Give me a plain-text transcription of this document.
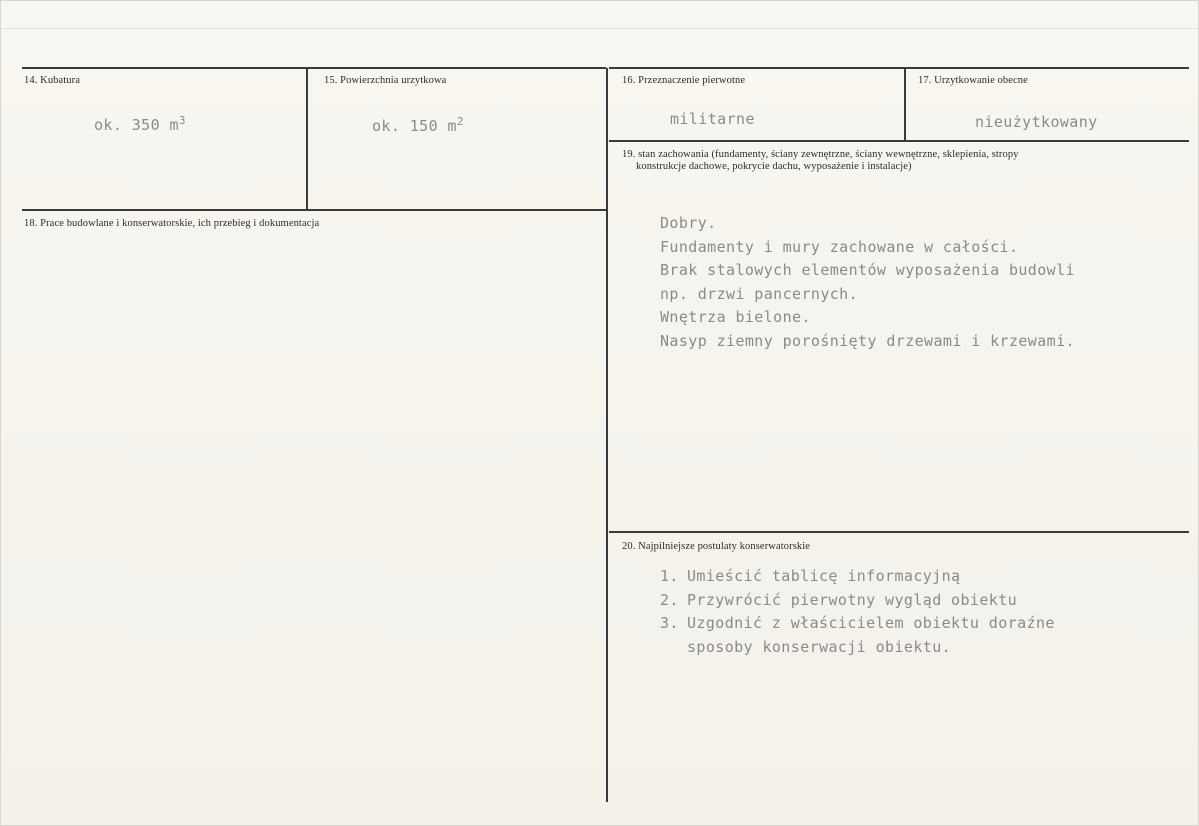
14. Kubatura
ok. 350 $m^3$
15. Powierzchnia urzytkowa
ok. 150 $m^2$
16. Przeznaczenie pierwotne
militarne
17. Urzytkowanie obecne
nieużytkowany
18. Prace budowlane i konserwatorskie, ich przebieg i dokumentacja
19. stan zachowania (fundamenty, ściany zewnętrzne, ściany wewnętrzne, sklepienia, stropy
konstrukcje dachowe, pokrycie dachu, wyposażenie i instalacje)
Dobry.
Fundamenty i mury zachowane w całości.
Brak stalowych elementów wyposażenia budowli
np. drzwi pancernych.
Wnętrza bielone.
Nasyp ziemny porośnięty drzewami i krzewami.
20. Najpilniejsze postulaty konserwatorskie
1. Umieścić tablicę informacyjną
2. Przywrócić pierwotny wygląd obiektu
3. Uzgodnić z właścicielem obiektu doraźne
sposoby konserwacji obiektu.
